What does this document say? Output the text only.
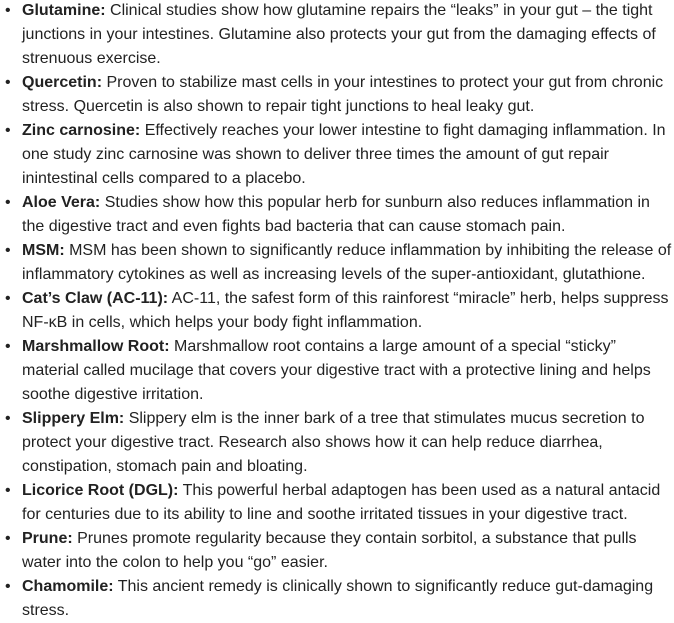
• Glutamine: Clinical studies show how glutamine repairs the “leaks” in your gut – the tight
junctions in your intestines. Glutamine also protects your gut from the damaging effects of
strenuous exercise.
• Quercetin: Proven to stabilize mast cells in your intestines to protect your gut from chronic
stress. Quercetin is also shown to repair tight junctions to heal leaky gut.
• Zinc carnosine: Effectively reaches your lower intestine to fight damaging inflammation. In
one study zinc carnosine was shown to deliver three times the amount of gut repair
inintestinal cells compared to a placebo.
• Aloe Vera: Studies show how this popular herb for sunburn also reduces inflammation in
the digestive tract and even fights bad bacteria that can cause stomach pain.
• MSM: MSM has been shown to significantly reduce inflammation by inhibiting the release of
inflammatory cytokines as well as increasing levels of the super-antioxidant, glutathione.
• Cat’s Claw (AC-11): AC-11, the safest form of this rainforest “miracle” herb, helps suppress
NF-κB in cells, which helps your body fight inflammation.
• Marshmallow Root: Marshmallow root contains a large amount of a special “sticky”
material called mucilage that covers your digestive tract with a protective lining and helps
soothe digestive irritation.
• Slippery Elm: Slippery elm is the inner bark of a tree that stimulates mucus secretion to
protect your digestive tract. Research also shows how it can help reduce diarrhea,
constipation, stomach pain and bloating.
• Licorice Root (DGL): This powerful herbal adaptogen has been used as a natural antacid
for centuries due to its ability to line and soothe irritated tissues in your digestive tract.
• Prune: Prunes promote regularity because they contain sorbitol, a substance that pulls
water into the colon to help you “go” easier.
• Chamomile: This ancient remedy is clinically shown to significantly reduce gut-damaging
stress.
